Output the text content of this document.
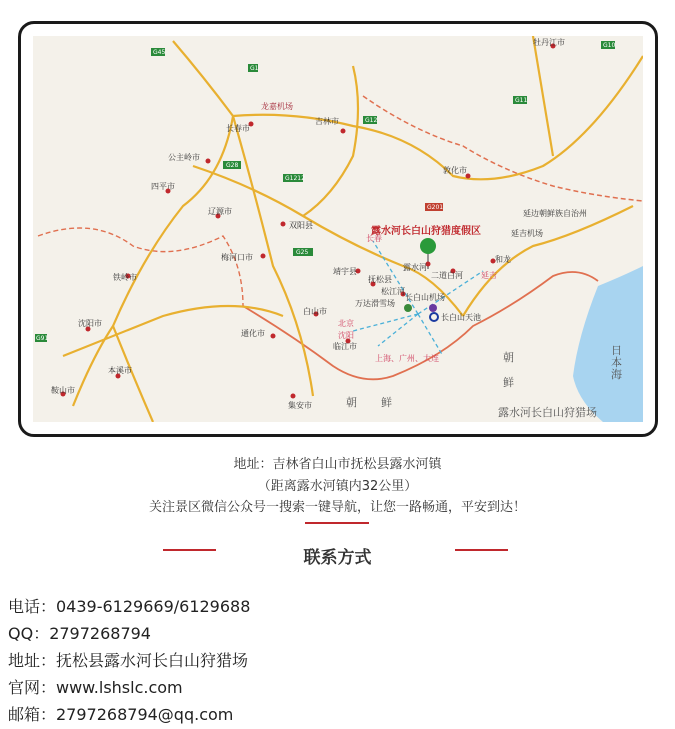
长春市
公主岭市
四平市
辽源市
双阳县
梅河口市
铁岭市
沈阳市
本溪市
鞍山市
吉林市
敦化市
延边朝鲜族自治州
延吉机场
和龙
靖宇县
抚松县
松江河
长白山机场
长白山天池
万达滑雪场
白山市
通化市
临江市
集安市
露水河
二道白河
牡丹江市
龙嘉机场
长春
延吉
北京
沈阳
上海、广州、大连
露水河长白山狩猎度假区
朝
鲜
朝 鲜
日
本
海
G45
G1
G12
G28
G1212
G201
G11
G10
G25
G91
露水河长白山狩猎场
地址：吉林省白山市抚松县露水河镇
（距离露水河镇内32公里）
关注景区微信公众号一搜索一键导航，让您一路畅通，平安到达！
联系方式
电话：0439-6129669/6129688
QQ：2797268794
地址：抚松县露水河长白山狩猎场
官网：www.lshslc.com
邮箱：2797268794@qq.com
